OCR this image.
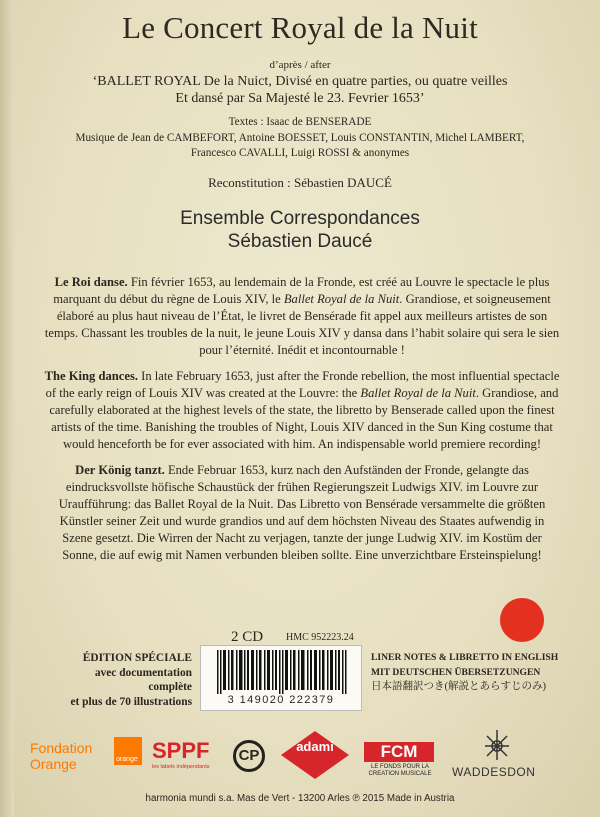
Le Concert Royal de la Nuit
d’après / after
‘BALLET ROYAL De la Nuict, Divisé en quatre parties, ou quatre veilles
Et dansé par Sa Majesté le 23. Fevrier 1653’
Textes : Isaac de BENSERADE
Musique de Jean de CAMBEFORT, Antoine BOESSET, Louis CONSTANTIN, Michel LAMBERT,
Francesco CAVALLI, Luigi ROSSI & anonymes
Reconstitution : Sébastien DAUCÉ
Ensemble Correspondances
Sébastien Daucé
Le Roi danse. Fin février 1653, au lendemain de la Fronde, est créé au Louvre le spectacle le plus marquant du début du règne de Louis XIV, le Ballet Royal de la Nuit. Grandiose, et soigneusement élaboré au plus haut niveau de l’État, le livret de Bensérade fit appel aux meilleurs artistes de son temps. Chassant les troubles de la nuit, le jeune Louis XIV y dansa dans l’habit solaire qui sera le sien pour l’éternité. Inédit et incontournable !
The King dances. In late February 1653, just after the Fronde rebellion, the most influential spectacle of the early reign of Louis XIV was created at the Louvre: the Ballet Royal de la Nuit. Grandiose, and carefully elaborated at the highest levels of the state, the libretto by Benserade called upon the finest artists of the time. Banishing the troubles of Night, Louis XIV danced in the Sun King costume that would henceforth be for ever associated with him. An indispensable world premiere recording!
Der König tanzt. Ende Februar 1653, kurz nach den Aufständen der Fronde, gelangte das eindrucksvollste höfische Schaustück der frühen Regierungszeit Ludwigs XIV. im Louvre zur Uraufführung: das Ballet Royal de la Nuit. Das Libretto von Bensérade versammelte die größten Künstler seiner Zeit und wurde grandios und auf dem höchsten Niveau des Staates aufwendig in Szene gesetzt. Die Wirren der Nacht zu verjagen, tanzte der junge Ludwig XIV. im Kostüm der Sonne, die auf ewig mit Namen verbunden bleiben sollte. Eine unverzichtbare Ersteinspielung!
2 CD HMC 952223.24
ÉDITION SPÉCIALE
avec documentation complète
et plus de 70 illustrations	3 149020 222379
LINER NOTES & LIBRETTO IN ENGLISH
MIT DEUTSCHEN ÜBERSETZUNGEN
日本語翻訳つき(解説とあらすじのみ)
Fondation
Orange	orange SPPF
les labels indépendants
CP
adami	FCM
LE FONDS POUR LA CREATION MUSICALE	WADDESDON
harmonia mundi s.a. Mas de Vert - 13200 Arles ℗ 2015 Made in Austria
